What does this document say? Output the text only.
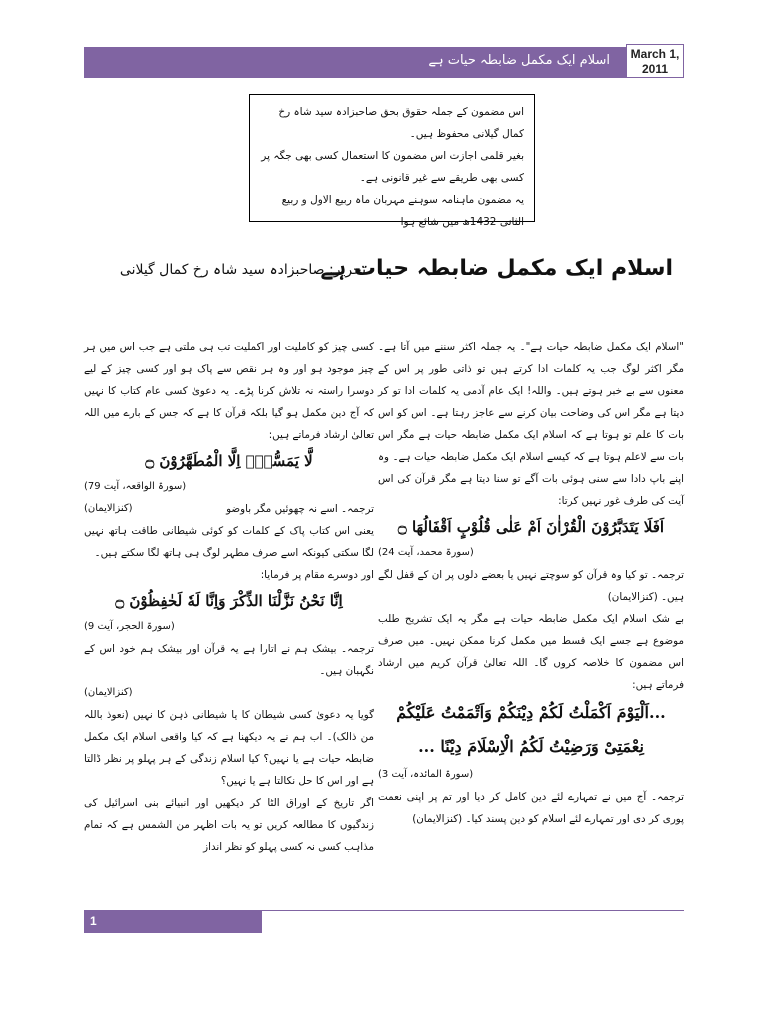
اسلام ایک مکمل ضابطہ حیات ہے	March 1,
2011

اس مضمون کے جملہ حقوق بحق صاحبزادہ سید شاہ رخ کمال گیلانی محفوظ ہیں۔

بغیر قلمی اجازت اس مضمون کا استعمال کسی بھی جگہ پر کسی بھی طریقے سے غیر قانونی ہے۔

یہ مضمون ماہنامہ سوہنے مہربان ماہ ربیع الاول و ربیع الثانی 1432ھ میں شائع ہوا

اسلام ایک مکمل ضابطہ حیات ہے
تحریر: صاحبزادہ سید شاہ رخ کمال گیلانی

"اسلام ایک مکمل ضابطہ حیات ہے"۔ یہ جملہ اکثر سننے میں آتا ہے۔ مگر اکثر لوگ جب یہ کلمات ادا کرتے ہیں تو ذاتی طور پر اس کے معنوں سے بے خبر ہوتے ہیں۔ واللہ! ایک عام آدمی یہ کلمات ادا تو کر دیتا ہے مگر اس کی وضاحت بیان کرنے سے عاجز رہتا ہے۔ اس کو اس بات کا علم تو ہوتا ہے کہ اسلام ایک مکمل ضابطہ حیات ہے مگر اس بات سے لاعلم ہوتا ہے کہ کیسے اسلام ایک مکمل ضابطہ حیات ہے۔ وہ اپنے باپ دادا سے سنی ہوئی بات آگے تو سنا دیتا ہے مگر قرآن کی اس آیت کی طرف غور نہیں کرتا:

اَفَلَا یَتَدَبَّرُوْنَ الْقُرْاٰنَ اَمْ عَلٰی قُلُوْبٍ اَقْفَالُهَا ۝

(سورۃ محمد، آیت 24)

ترجمہ۔ تو کیا وہ قرآن کو سوچتے نہیں یا بعضے دلوں پر ان کے قفل لگے ہیں۔ (کنزالایمان)

بے شک اسلام ایک مکمل ضابطہ حیات ہے مگر یہ ایک تشریح طلب موضوع ہے جسے ایک قسط میں مکمل کرنا ممکن نہیں۔ میں صرف اس مضمون کا خلاصہ کروں گا۔ اللہ تعالیٰ قرآن کریم میں ارشاد فرماتے ہیں:

...اَلْیَوْمَ اَكْمَلْتُ لَكُمْ دِیْنَكُمْ وَاَتْمَمْتُ عَلَیْكُمْ

نِعْمَتِیْ وَرَضِیْتُ لَكُمُ الْاِسْلَامَ دِیْنًا ...

(سورۃ المائدہ، آیت 3)

ترجمہ۔ آج میں نے تمہارے لئے دین کامل کر دیا اور تم پر اپنی نعمت پوری کر دی اور تمہارے لئے اسلام کو دین پسند کیا۔ (کنزالایمان)

کسی چیز کو کاملیت اور اکملیت تب ہی ملتی ہے جب اس میں ہر چیز موجود ہو اور وہ ہر نقص سے پاک ہو اور کسی چیز کے لیے دوسرا راستہ نہ تلاش کرنا پڑے۔ یہ دعویٰ کسی عام کتاب کا نہیں کہ آج دین مکمل ہو گیا بلکہ قرآن کا ہے کہ جس کے بارے میں اللہ تعالیٰ ارشاد فرماتے ہیں:

لَّا یَمَسُّهٗۤ اِلَّا الْمُطَهَّرُوْنَ ۝

(سورۃ الواقعہ، آیت 79)

ترجمہ۔ اسے نہ چھوئیں مگر باوضو
(کنزالایمان)

یعنی اس کتاب پاک کے کلمات کو کوئی شیطانی طاقت ہاتھ نہیں لگا سکتی کیونکہ اسے صرف مطہر لوگ ہی ہاتھ لگا سکتے ہیں۔

اور دوسرے مقام پر فرمایا:

اِنَّا نَحْنُ نَزَّلْنَا الذِّكْرَ وَاِنَّا لَهٗ لَحٰفِظُوْنَ ۝

(سورۃ الحجر، آیت 9)

ترجمہ۔ بیشک ہم نے اتارا ہے یہ قرآن اور بیشک ہم خود اس کے نگہبان ہیں۔

(کنزالایمان)

گویا یہ دعویٰ کسی شیطان کا یا شیطانی ذہن کا نہیں (نعوذ باللہ من ذالک)۔ اب ہم نے یہ دیکھنا ہے کہ کیا واقعی اسلام ایک مکمل ضابطہ حیات ہے یا نہیں؟ کیا اسلام زندگی کے ہر پہلو پر نظر ڈالتا ہے اور اس کا حل نکالتا ہے یا نہیں؟

اگر تاریخ کے اوراق الٹا کر دیکھیں اور انبیائے بنی اسرائیل کی زندگیوں کا مطالعہ کریں تو یہ بات اظہر من الشمس ہے کہ تمام مذاہب کسی نہ کسی پہلو کو نظر انداز

1
